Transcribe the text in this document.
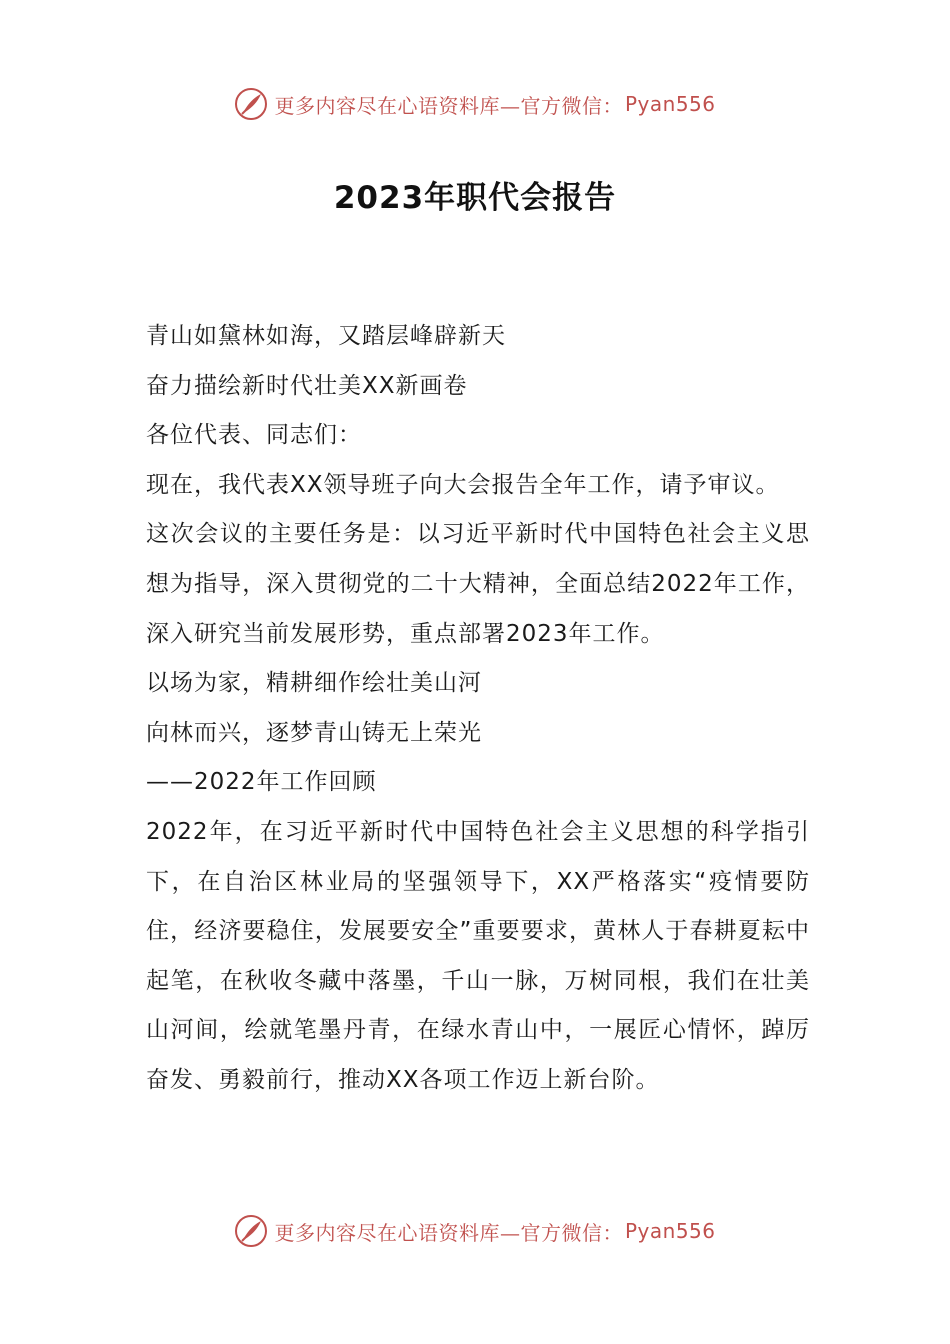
更多内容尽在心语资料库—官方微信： Pyan556
2023年职代会报告

青山如黛林如海，又踏层峰辟新天

奋力描绘新时代壮美XX新画卷

各位代表、同志们：

现在，我代表XX领导班子向大会报告全年工作，请予审议。

这次会议的主要任务是：以习近平新时代中国特色社会主义思想为指导，深入贯彻党的二十大精神，全面总结2022年工作，深入研究当前发展形势，重点部署2023年工作。

以场为家，精耕细作绘壮美山河

向林而兴，逐梦青山铸无上荣光

——2022年工作回顾

2022年，在习近平新时代中国特色社会主义思想的科学指引下，在自治区林业局的坚强领导下，XX严格落实“疫情要防住，经济要稳住，发展要安全”重要要求，黄林人于春耕夏耘中起笔，在秋收冬藏中落墨，千山一脉，万树同根，我们在壮美山河间，绘就笔墨丹青，在绿水青山中，一展匠心情怀，踔厉奋发、勇毅前行，推动XX各项工作迈上新台阶。

更多内容尽在心语资料库—官方微信： Pyan556
